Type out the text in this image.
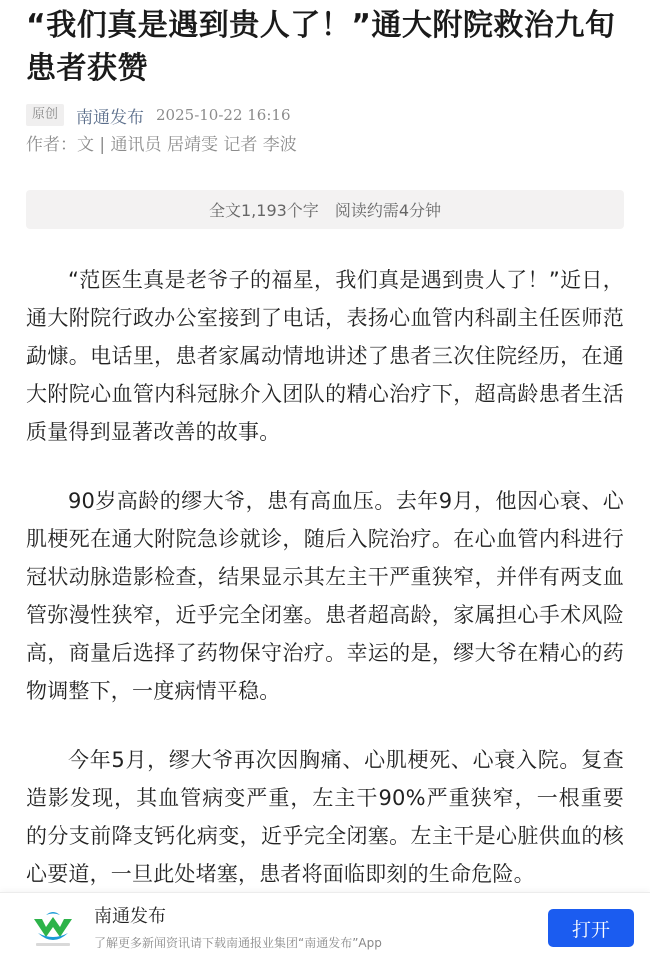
“我们真是遇到贵人了！”通大附院救治九旬患者获赞
原创	南通发布 2025-10-22 16:16
作者：文 | 通讯员 居靖雯 记者 李波
全文1,193个字 阅读约需4分钟

“范医生真是老爷子的福星，我们真是遇到贵人了！”近日，通大附院行政办公室接到了电话，表扬心血管内科副主任医师范勐慷。电话里，患者家属动情地讲述了患者三次住院经历，在通大附院心血管内科冠脉介入团队的精心治疗下，超高龄患者生活质量得到显著改善的故事。

90岁高龄的缪大爷，患有高血压。去年9月，他因心衰、心肌梗死在通大附院急诊就诊，随后入院治疗。在心血管内科进行冠状动脉造影检查，结果显示其左主干严重狭窄，并伴有两支血管弥漫性狭窄，近乎完全闭塞。患者超高龄，家属担心手术风险高，商量后选择了药物保守治疗。幸运的是，缪大爷在精心的药物调整下，一度病情平稳。

今年5月，缪大爷再次因胸痛、心肌梗死、心衰入院。复查造影发现，其血管病变严重，左主干90%严重狭窄，一根重要的分支前降支钙化病变，近乎完全闭塞。左主干是心脏供血的核心要道，一旦此处堵塞，患者将面临即刻的生命危险。

南通发布
了解更多新闻资讯请下载南通报业集团“南通发布”App
打开
